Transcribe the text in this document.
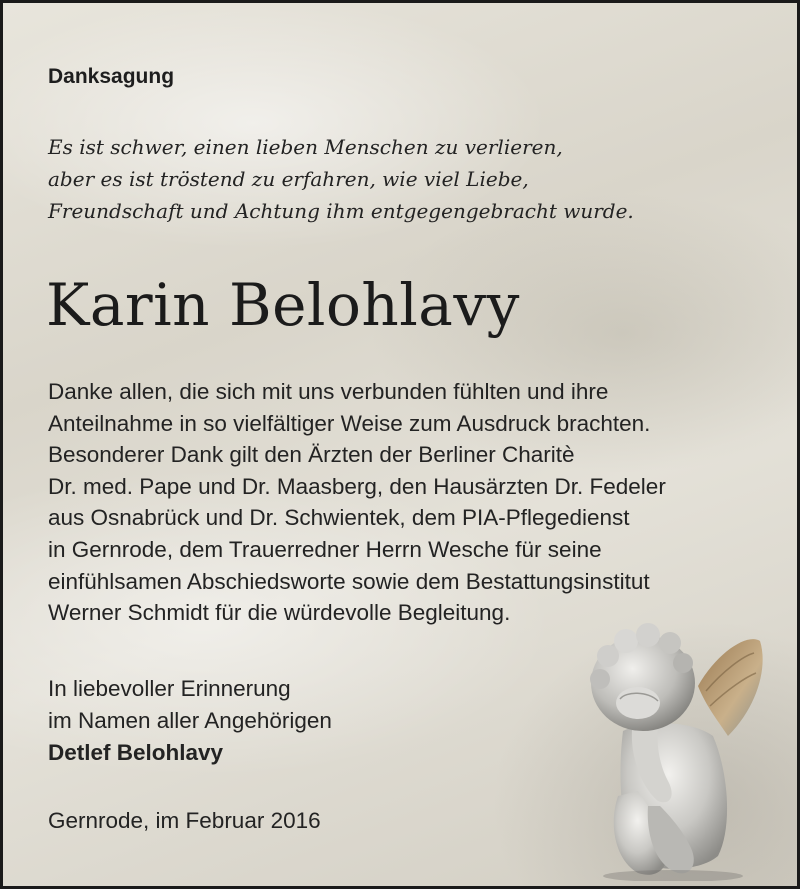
Danksagung
Es ist schwer, einen lieben Menschen zu verlieren,
aber es ist tröstend zu erfahren, wie viel Liebe,
Freundschaft und Achtung ihm entgegengebracht wurde.
Karin Belohlavy
Danke allen, die sich mit uns verbunden fühlten und ihre
Anteilnahme in so vielfältiger Weise zum Ausdruck brachten.
Besonderer Dank gilt den Ärzten der Berliner Charitè
Dr. med. Pape und Dr. Maasberg, den Hausärzten Dr. Fedeler
aus Osnabrück und Dr. Schwientek, dem PIA-Pflegedienst
in Gernrode, dem Trauerredner Herrn Wesche für seine
einfühlsamen Abschiedsworte sowie dem Bestattungsinstitut
Werner Schmidt für die würdevolle Begleitung.
In liebevoller Erinnerung
im Namen aller Angehörigen
Detlef Belohlavy
Gernrode, im Februar 2016
